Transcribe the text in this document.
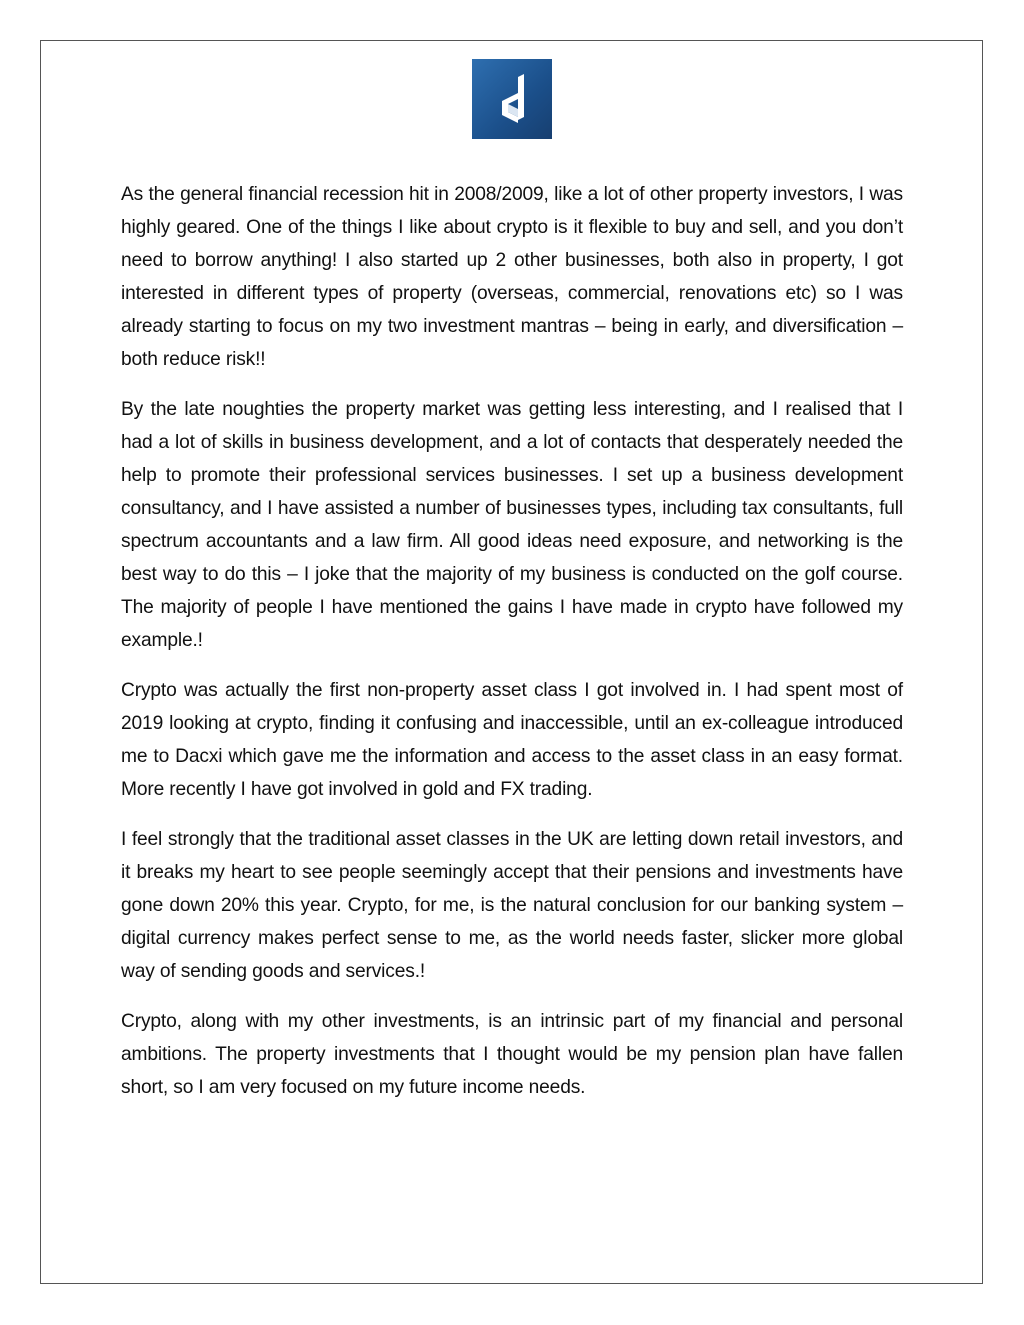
As the general financial recession hit in 2008/2009, like a lot of other property investors, I was highly geared. One of the things I like about crypto is it flexible to buy and sell, and you don’t need to borrow anything! I also started up 2 other businesses, both also in property, I got interested in different types of property (overseas, commercial, renovations etc) so I was already starting to focus on my two investment mantras – being in early, and diversification – both reduce risk!!

By the late noughties the property market was getting less interesting, and I realised that I had a lot of skills in business development, and a lot of contacts that desperately needed the help to promote their professional services businesses. I set up a business development consultancy, and I have assisted a number of businesses types, including tax consultants, full spectrum accountants and a law firm. All good ideas need exposure, and networking is the best way to do this – I joke that the majority of my business is conducted on the golf course. The majority of people I have mentioned the gains I have made in crypto have followed my example.!

Crypto was actually the first non-property asset class I got involved in. I had spent most of 2019 looking at crypto, finding it confusing and inaccessible, until an ex-colleague introduced me to Dacxi which gave me the information and access to the asset class in an easy format. More recently I have got involved in gold and FX trading.

I feel strongly that the traditional asset classes in the UK are letting down retail investors, and it breaks my heart to see people seemingly accept that their pensions and investments have gone down 20% this year. Crypto, for me, is the natural conclusion for our banking system – digital currency makes perfect sense to me, as the world needs faster, slicker more global way of sending goods and services.!

Crypto, along with my other investments, is an intrinsic part of my financial and personal ambitions. The property investments that I thought would be my pension plan have fallen short, so I am very focused on my future income needs.
